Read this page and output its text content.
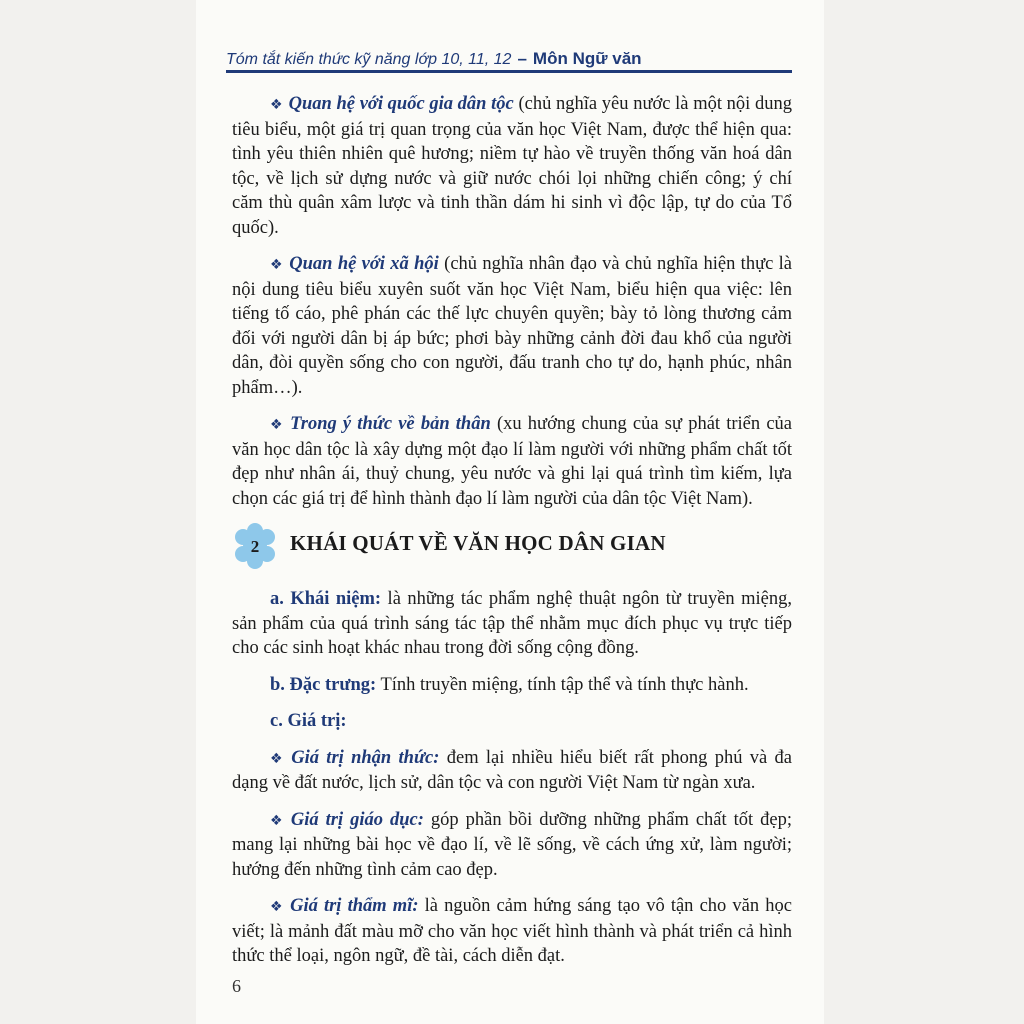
Tóm tắt kiến thức kỹ năng lớp 10, 11, 12 – Môn Ngữ văn

❖ Quan hệ với quốc gia dân tộc (chủ nghĩa yêu nước là một nội dung tiêu biểu, một giá trị quan trọng của văn học Việt Nam, được thể hiện qua: tình yêu thiên nhiên quê hương; niềm tự hào về truyền thống văn hoá dân tộc, về lịch sử dựng nước và giữ nước chói lọi những chiến công; ý chí căm thù quân xâm lược và tinh thần dám hi sinh vì độc lập, tự do của Tổ quốc).

❖ Quan hệ với xã hội (chủ nghĩa nhân đạo và chủ nghĩa hiện thực là nội dung tiêu biểu xuyên suốt văn học Việt Nam, biểu hiện qua việc: lên tiếng tố cáo, phê phán các thế lực chuyên quyền; bày tỏ lòng thương cảm đối với người dân bị áp bức; phơi bày những cảnh đời đau khổ của người dân, đòi quyền sống cho con người, đấu tranh cho tự do, hạnh phúc, nhân phẩm…).

❖ Trong ý thức về bản thân (xu hướng chung của sự phát triển của văn học dân tộc là xây dựng một đạo lí làm người với những phẩm chất tốt đẹp như nhân ái, thuỷ chung, yêu nước và ghi lại quá trình tìm kiếm, lựa chọn các giá trị để hình thành đạo lí làm người của dân tộc Việt Nam).

2 KHÁI QUÁT VỀ VĂN HỌC DÂN GIAN

a. Khái niệm: là những tác phẩm nghệ thuật ngôn từ truyền miệng, sản phẩm của quá trình sáng tác tập thể nhằm mục đích phục vụ trực tiếp cho các sinh hoạt khác nhau trong đời sống cộng đồng.

b. Đặc trưng: Tính truyền miệng, tính tập thể và tính thực hành.

c. Giá trị:

❖ Giá trị nhận thức: đem lại nhiều hiểu biết rất phong phú và đa dạng về đất nước, lịch sử, dân tộc và con người Việt Nam từ ngàn xưa.

❖ Giá trị giáo dục: góp phần bồi dưỡng những phẩm chất tốt đẹp; mang lại những bài học về đạo lí, về lẽ sống, về cách ứng xử, làm người; hướng đến những tình cảm cao đẹp.

❖ Giá trị thẩm mĩ: là nguồn cảm hứng sáng tạo vô tận cho văn học viết; là mảnh đất màu mỡ cho văn học viết hình thành và phát triển cả hình thức thể loại, ngôn ngữ, đề tài, cách diễn đạt.

6
